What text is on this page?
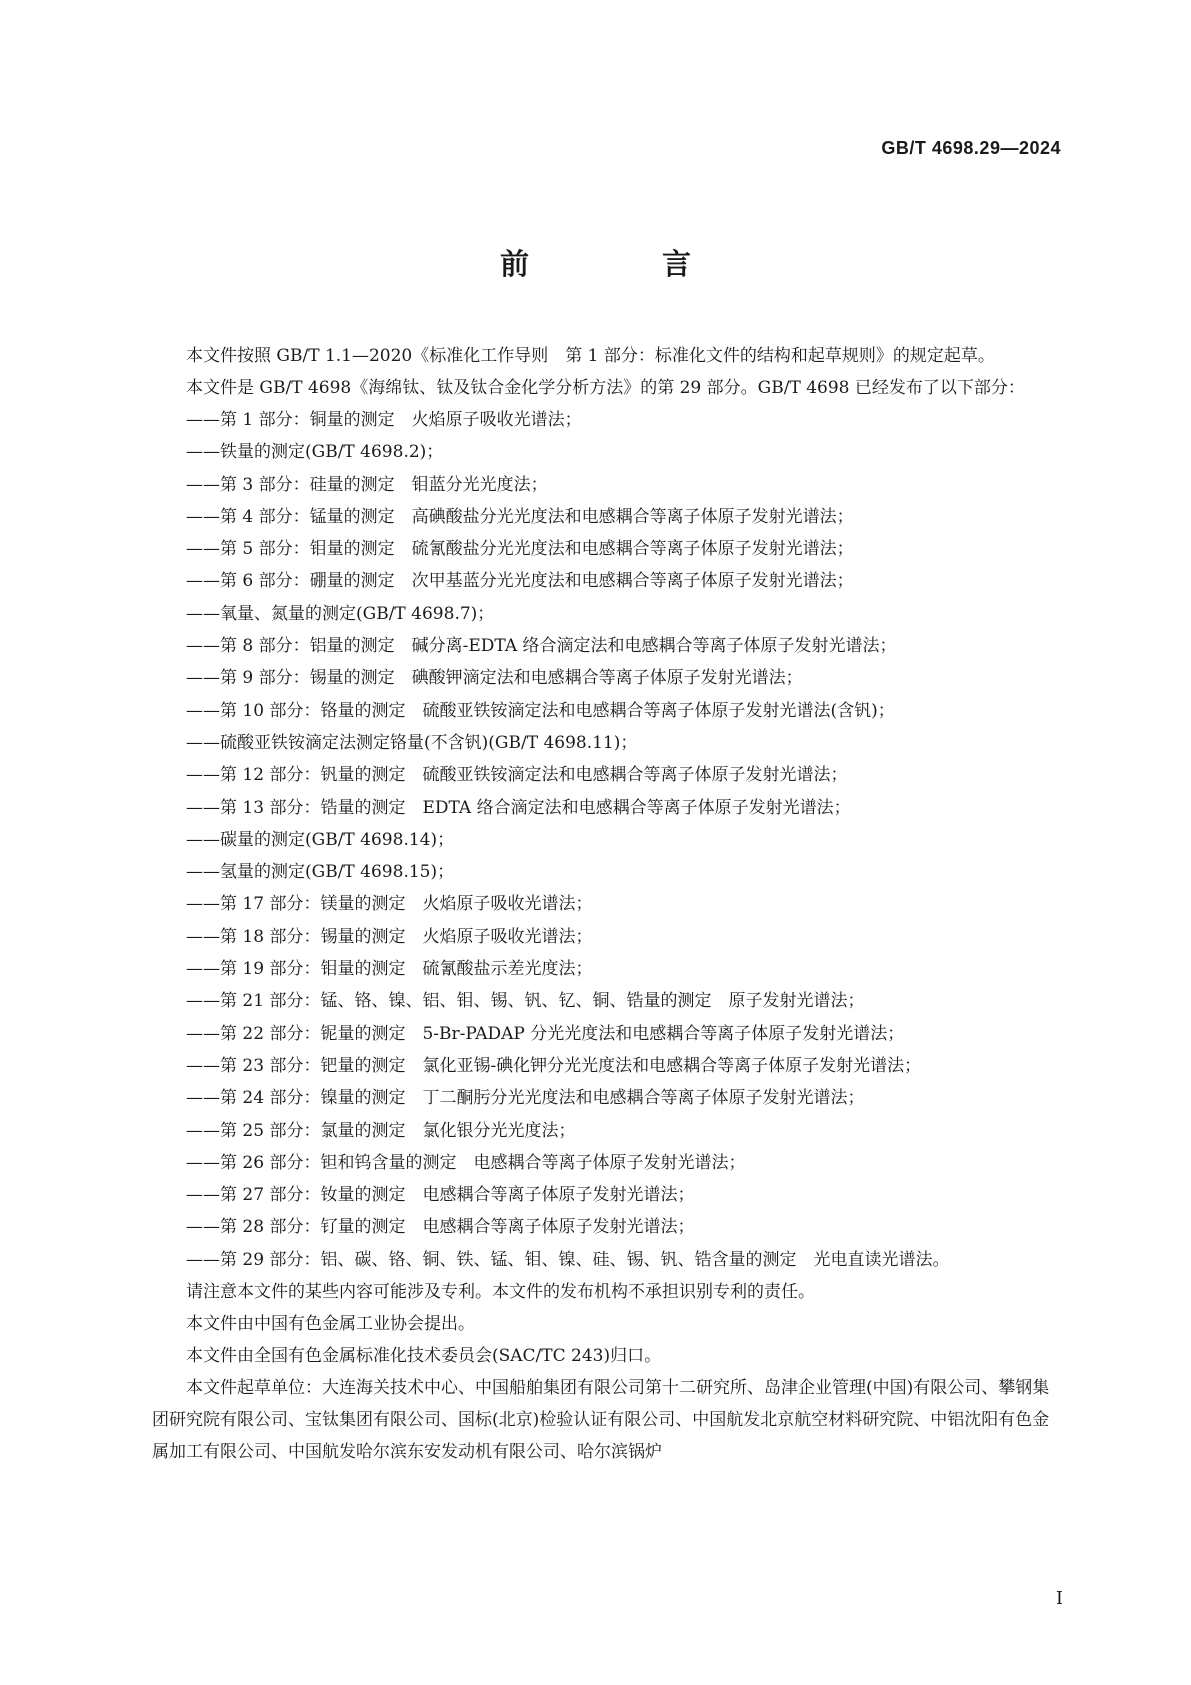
GB/T 4698.29—2024
前　言

本文件按照 GB/T 1.1—2020《标准化工作导则　第 1 部分：标准化文件的结构和起草规则》的规定起草。

本文件是 GB/T 4698《海绵钛、钛及钛合金化学分析方法》的第 29 部分。GB/T 4698 已经发布了以下部分：

——第 1 部分：铜量的测定　火焰原子吸收光谱法；

——铁量的测定(GB/T 4698.2)；

——第 3 部分：硅量的测定　钼蓝分光光度法；

——第 4 部分：锰量的测定　高碘酸盐分光光度法和电感耦合等离子体原子发射光谱法；

——第 5 部分：钼量的测定　硫氰酸盐分光光度法和电感耦合等离子体原子发射光谱法；

——第 6 部分：硼量的测定　次甲基蓝分光光度法和电感耦合等离子体原子发射光谱法；

——氧量、氮量的测定(GB/T 4698.7)；

——第 8 部分：铝量的测定　碱分离-EDTA 络合滴定法和电感耦合等离子体原子发射光谱法；

——第 9 部分：锡量的测定　碘酸钾滴定法和电感耦合等离子体原子发射光谱法；

——第 10 部分：铬量的测定　硫酸亚铁铵滴定法和电感耦合等离子体原子发射光谱法(含钒)；

——硫酸亚铁铵滴定法测定铬量(不含钒)(GB/T 4698.11)；

——第 12 部分：钒量的测定　硫酸亚铁铵滴定法和电感耦合等离子体原子发射光谱法；

——第 13 部分：锆量的测定　EDTA 络合滴定法和电感耦合等离子体原子发射光谱法；

——碳量的测定(GB/T 4698.14)；

——氢量的测定(GB/T 4698.15)；

——第 17 部分：镁量的测定　火焰原子吸收光谱法；

——第 18 部分：锡量的测定　火焰原子吸收光谱法；

——第 19 部分：钼量的测定　硫氰酸盐示差光度法；

——第 21 部分：锰、铬、镍、铝、钼、锡、钒、钇、铜、锆量的测定　原子发射光谱法；

——第 22 部分：铌量的测定　5-Br-PADAP 分光光度法和电感耦合等离子体原子发射光谱法；

——第 23 部分：钯量的测定　氯化亚锡-碘化钾分光光度法和电感耦合等离子体原子发射光谱法；

——第 24 部分：镍量的测定　丁二酮肟分光光度法和电感耦合等离子体原子发射光谱法；

——第 25 部分：氯量的测定　氯化银分光光度法；

——第 26 部分：钽和钨含量的测定　电感耦合等离子体原子发射光谱法；

——第 27 部分：钕量的测定　电感耦合等离子体原子发射光谱法；

——第 28 部分：钌量的测定　电感耦合等离子体原子发射光谱法；

——第 29 部分：铝、碳、铬、铜、铁、锰、钼、镍、硅、锡、钒、锆含量的测定　光电直读光谱法。

请注意本文件的某些内容可能涉及专利。本文件的发布机构不承担识别专利的责任。

本文件由中国有色金属工业协会提出。

本文件由全国有色金属标准化技术委员会(SAC/TC 243)归口。

本文件起草单位：大连海关技术中心、中国船舶集团有限公司第十二研究所、岛津企业管理(中国)有限公司、攀钢集团研究院有限公司、宝钛集团有限公司、国标(北京)检验认证有限公司、中国航发北京航空材料研究院、中铝沈阳有色金属加工有限公司、中国航发哈尔滨东安发动机有限公司、哈尔滨锅炉

I
